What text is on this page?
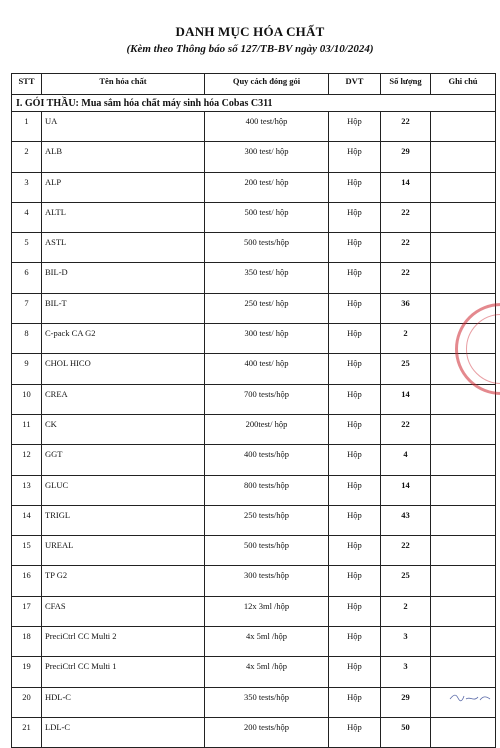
DANH MỤC HÓA CHẤT
(Kèm theo Thông báo số 127/TB-BV ngày 03/10/2024)
I. GÓI THẦU: Mua sắm hóa chất máy sinh hóa Cobas C311					
STT	Tên hóa chất	Quy cách đóng gói	DVT	Số lượng	Ghi chú
1	UA	400 test/hộp	Hộp	22	
2	ALB	300 test/ hộp	Hộp	29	
3	ALP	200 test/ hộp	Hộp	14	
4	ALTL	500 test/ hộp	Hộp	22	
5	ASTL	500 tests/hộp	Hộp	22	
6	BIL-D	350 test/ hộp	Hộp	22	
7	BIL-T	250 test/ hộp	Hộp	36	
8	C-pack CA G2	300 test/ hộp	Hộp	2	
9	CHOL HICO	400 test/ hộp	Hộp	25	
10	CREA	700 tests/hộp	Hộp	14	
11	CK	200test/ hộp	Hộp	22	
12	GGT	400 tests/hộp	Hộp	4	
13	GLUC	800 tests/hộp	Hộp	14	
14	TRIGL	250 tests/hộp	Hộp	43	
15	UREAL	500 tests/hộp	Hộp	22	
16	TP G2	300 tests/hộp	Hộp	25	
17	CFAS	12x 3ml /hộp	Hộp	2	
18	PreciCtrl CC Multi 2	4x 5ml /hộp	Hộp	3	
19	PreciCtrl CC Multi 1	4x 5ml /hộp	Hộp	3	
20	HDL-C	350 tests/hộp	Hộp	29	
21	LDL-C	200 tests/hộp	Hộp	50	
